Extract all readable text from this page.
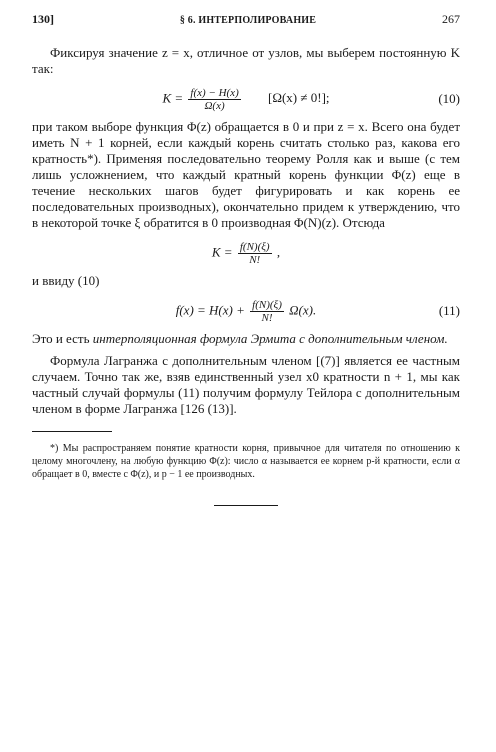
130]	§ 6. ИНТЕРПОЛИРОВАНИЕ	267

Фиксируя значение z = x, отличное от узлов, мы выберем постоянную K так:

$K = \frac{f(x) - H(x)}{\Omega(x)} [\Omega(x) \ne 0!]$;	(10)

при таком выборе функция Φ(z) обращается в 0 и при z = x. Всего она будет иметь N + 1 корней, если каждый корень считать столько раз, какова его кратность*). Применяя последовательно теорему Ролля как и выше (с тем лишь усложнением, что каждый кратный корень функции Φ(z) еще в течение нескольких шагов будет фигурировать и как корень ее последовательных производных), окончательно придем к утверждению, что в некоторой точке ξ обратится в 0 производная Φ(N)(z). Отсюда

$K = \frac{f(N)(\xi)}{N!}$ ,

и ввиду (10)

$f(x) = H(x) + \frac{f(N)(\xi)}{N!} \Omega(x)$.	(11)

Это и есть интерполяционная формула Эрмита с дополнительным членом.

Формула Лагранжа с дополнительным членом [(7)] является ее частным случаем. Точно так же, взяв единственный узел x0 кратности n + 1, мы как частный случай формулы (11) получим формулу Тейлора с дополнительным членом в форме Лагранжа [126 (13)].

*) Мы распространяем понятие кратности корня, привычное для читателя по отношению к целому многочлену, на любую функцию Φ(z): число α называется ее корнем p-й кратности, если α обращает в 0, вместе с Φ(z), и p − 1 ее производных.
